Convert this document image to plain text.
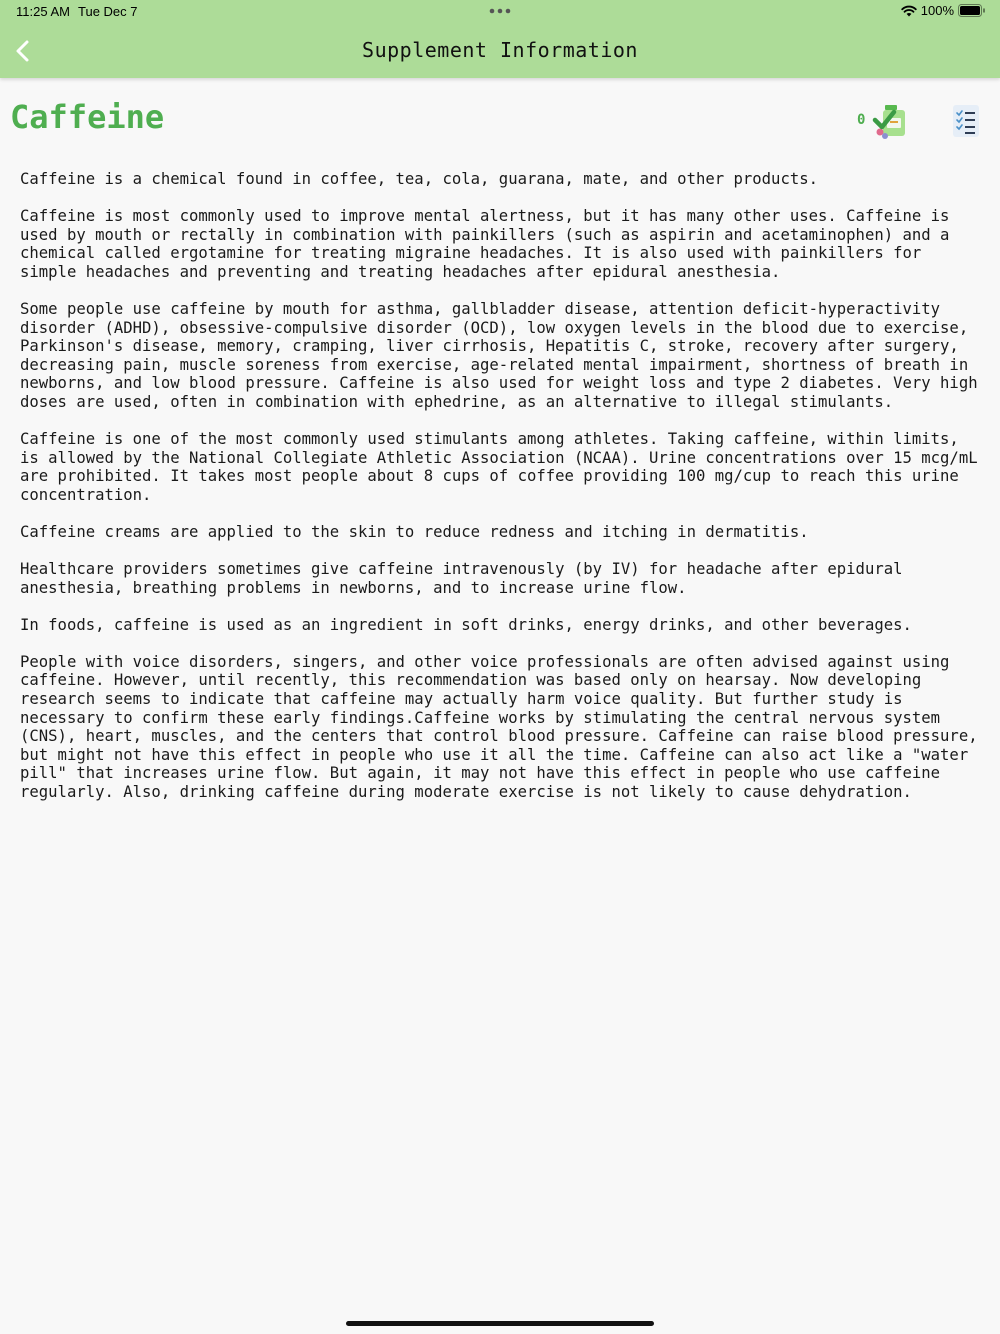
11:25 AM Tue Dec 7	100%
Supplement Information
Caffeine	0

Caffeine is a chemical found in coffee, tea, cola, guarana, mate, and other products.

Caffeine is most commonly used to improve mental alertness, but it has many other uses. Caffeine is
used by mouth or rectally in combination with painkillers (such as aspirin and acetaminophen) and a
chemical called ergotamine for treating migraine headaches. It is also used with painkillers for
simple headaches and preventing and treating headaches after epidural anesthesia.

Some people use caffeine by mouth for asthma, gallbladder disease, attention deficit-hyperactivity
disorder (ADHD), obsessive-compulsive disorder (OCD), low oxygen levels in the blood due to exercise,
Parkinson's disease, memory, cramping, liver cirrhosis, Hepatitis C, stroke, recovery after surgery,
decreasing pain, muscle soreness from exercise, age-related mental impairment, shortness of breath in
newborns, and low blood pressure. Caffeine is also used for weight loss and type 2 diabetes. Very high
doses are used, often in combination with ephedrine, as an alternative to illegal stimulants.

Caffeine is one of the most commonly used stimulants among athletes. Taking caffeine, within limits,
is allowed by the National Collegiate Athletic Association (NCAA). Urine concentrations over 15 mcg/mL
are prohibited. It takes most people about 8 cups of coffee providing 100 mg/cup to reach this urine
concentration.

Caffeine creams are applied to the skin to reduce redness and itching in dermatitis.

Healthcare providers sometimes give caffeine intravenously (by IV) for headache after epidural
anesthesia, breathing problems in newborns, and to increase urine flow.

In foods, caffeine is used as an ingredient in soft drinks, energy drinks, and other beverages.

People with voice disorders, singers, and other voice professionals are often advised against using
caffeine. However, until recently, this recommendation was based only on hearsay. Now developing
research seems to indicate that caffeine may actually harm voice quality. But further study is
necessary to confirm these early findings.Caffeine works by stimulating the central nervous system
(CNS), heart, muscles, and the centers that control blood pressure. Caffeine can raise blood pressure,
but might not have this effect in people who use it all the time. Caffeine can also act like a "water
pill" that increases urine flow. But again, it may not have this effect in people who use caffeine
regularly. Also, drinking caffeine during moderate exercise is not likely to cause dehydration.
